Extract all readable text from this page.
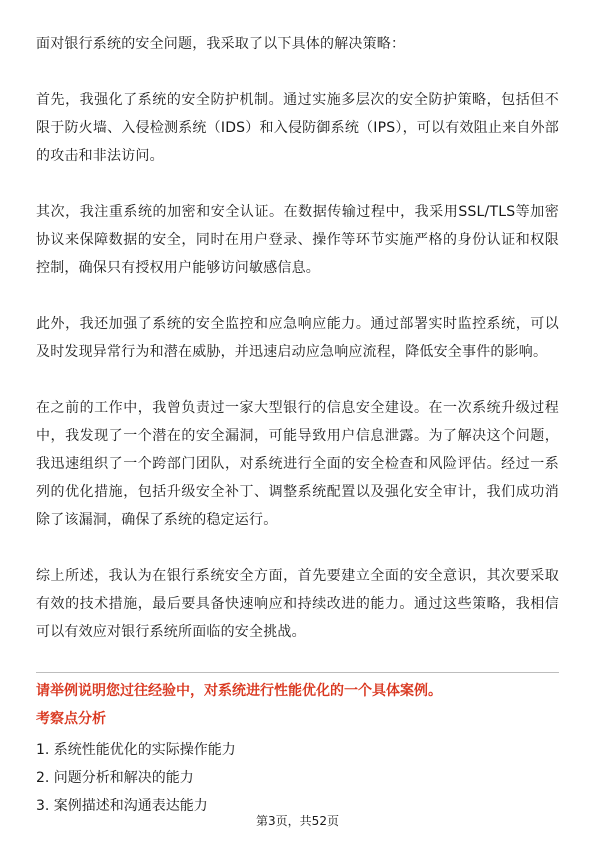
面对银行系统的安全问题，我采取了以下具体的解决策略：

首先，我强化了系统的安全防护机制。通过实施多层次的安全防护策略，包括但不限于防火墙、入侵检测系统（IDS）和入侵防御系统（IPS），可以有效阻止来自外部的攻击和非法访问。

其次，我注重系统的加密和安全认证。在数据传输过程中，我采用SSL/TLS等加密协议来保障数据的安全，同时在用户登录、操作等环节实施严格的身份认证和权限控制，确保只有授权用户能够访问敏感信息。

此外，我还加强了系统的安全监控和应急响应能力。通过部署实时监控系统，可以及时发现异常行为和潜在威胁，并迅速启动应急响应流程，降低安全事件的影响。

在之前的工作中，我曾负责过一家大型银行的信息安全建设。在一次系统升级过程中，我发现了一个潜在的安全漏洞，可能导致用户信息泄露。为了解决这个问题，我迅速组织了一个跨部门团队，对系统进行全面的安全检查和风险评估。经过一系列的优化措施，包括升级安全补丁、调整系统配置以及强化安全审计，我们成功消除了该漏洞，确保了系统的稳定运行。

综上所述，我认为在银行系统安全方面，首先要建立全面的安全意识，其次要采取有效的技术措施，最后要具备快速响应和持续改进的能力。通过这些策略，我相信可以有效应对银行系统所面临的安全挑战。

请举例说明您过往经验中，对系统进行性能优化的一个具体案例。

考察点分析

1. 系统性能优化的实际操作能力
2. 问题分析和解决的能力
3. 案例描述和沟通表达能力
第3页，共52页
